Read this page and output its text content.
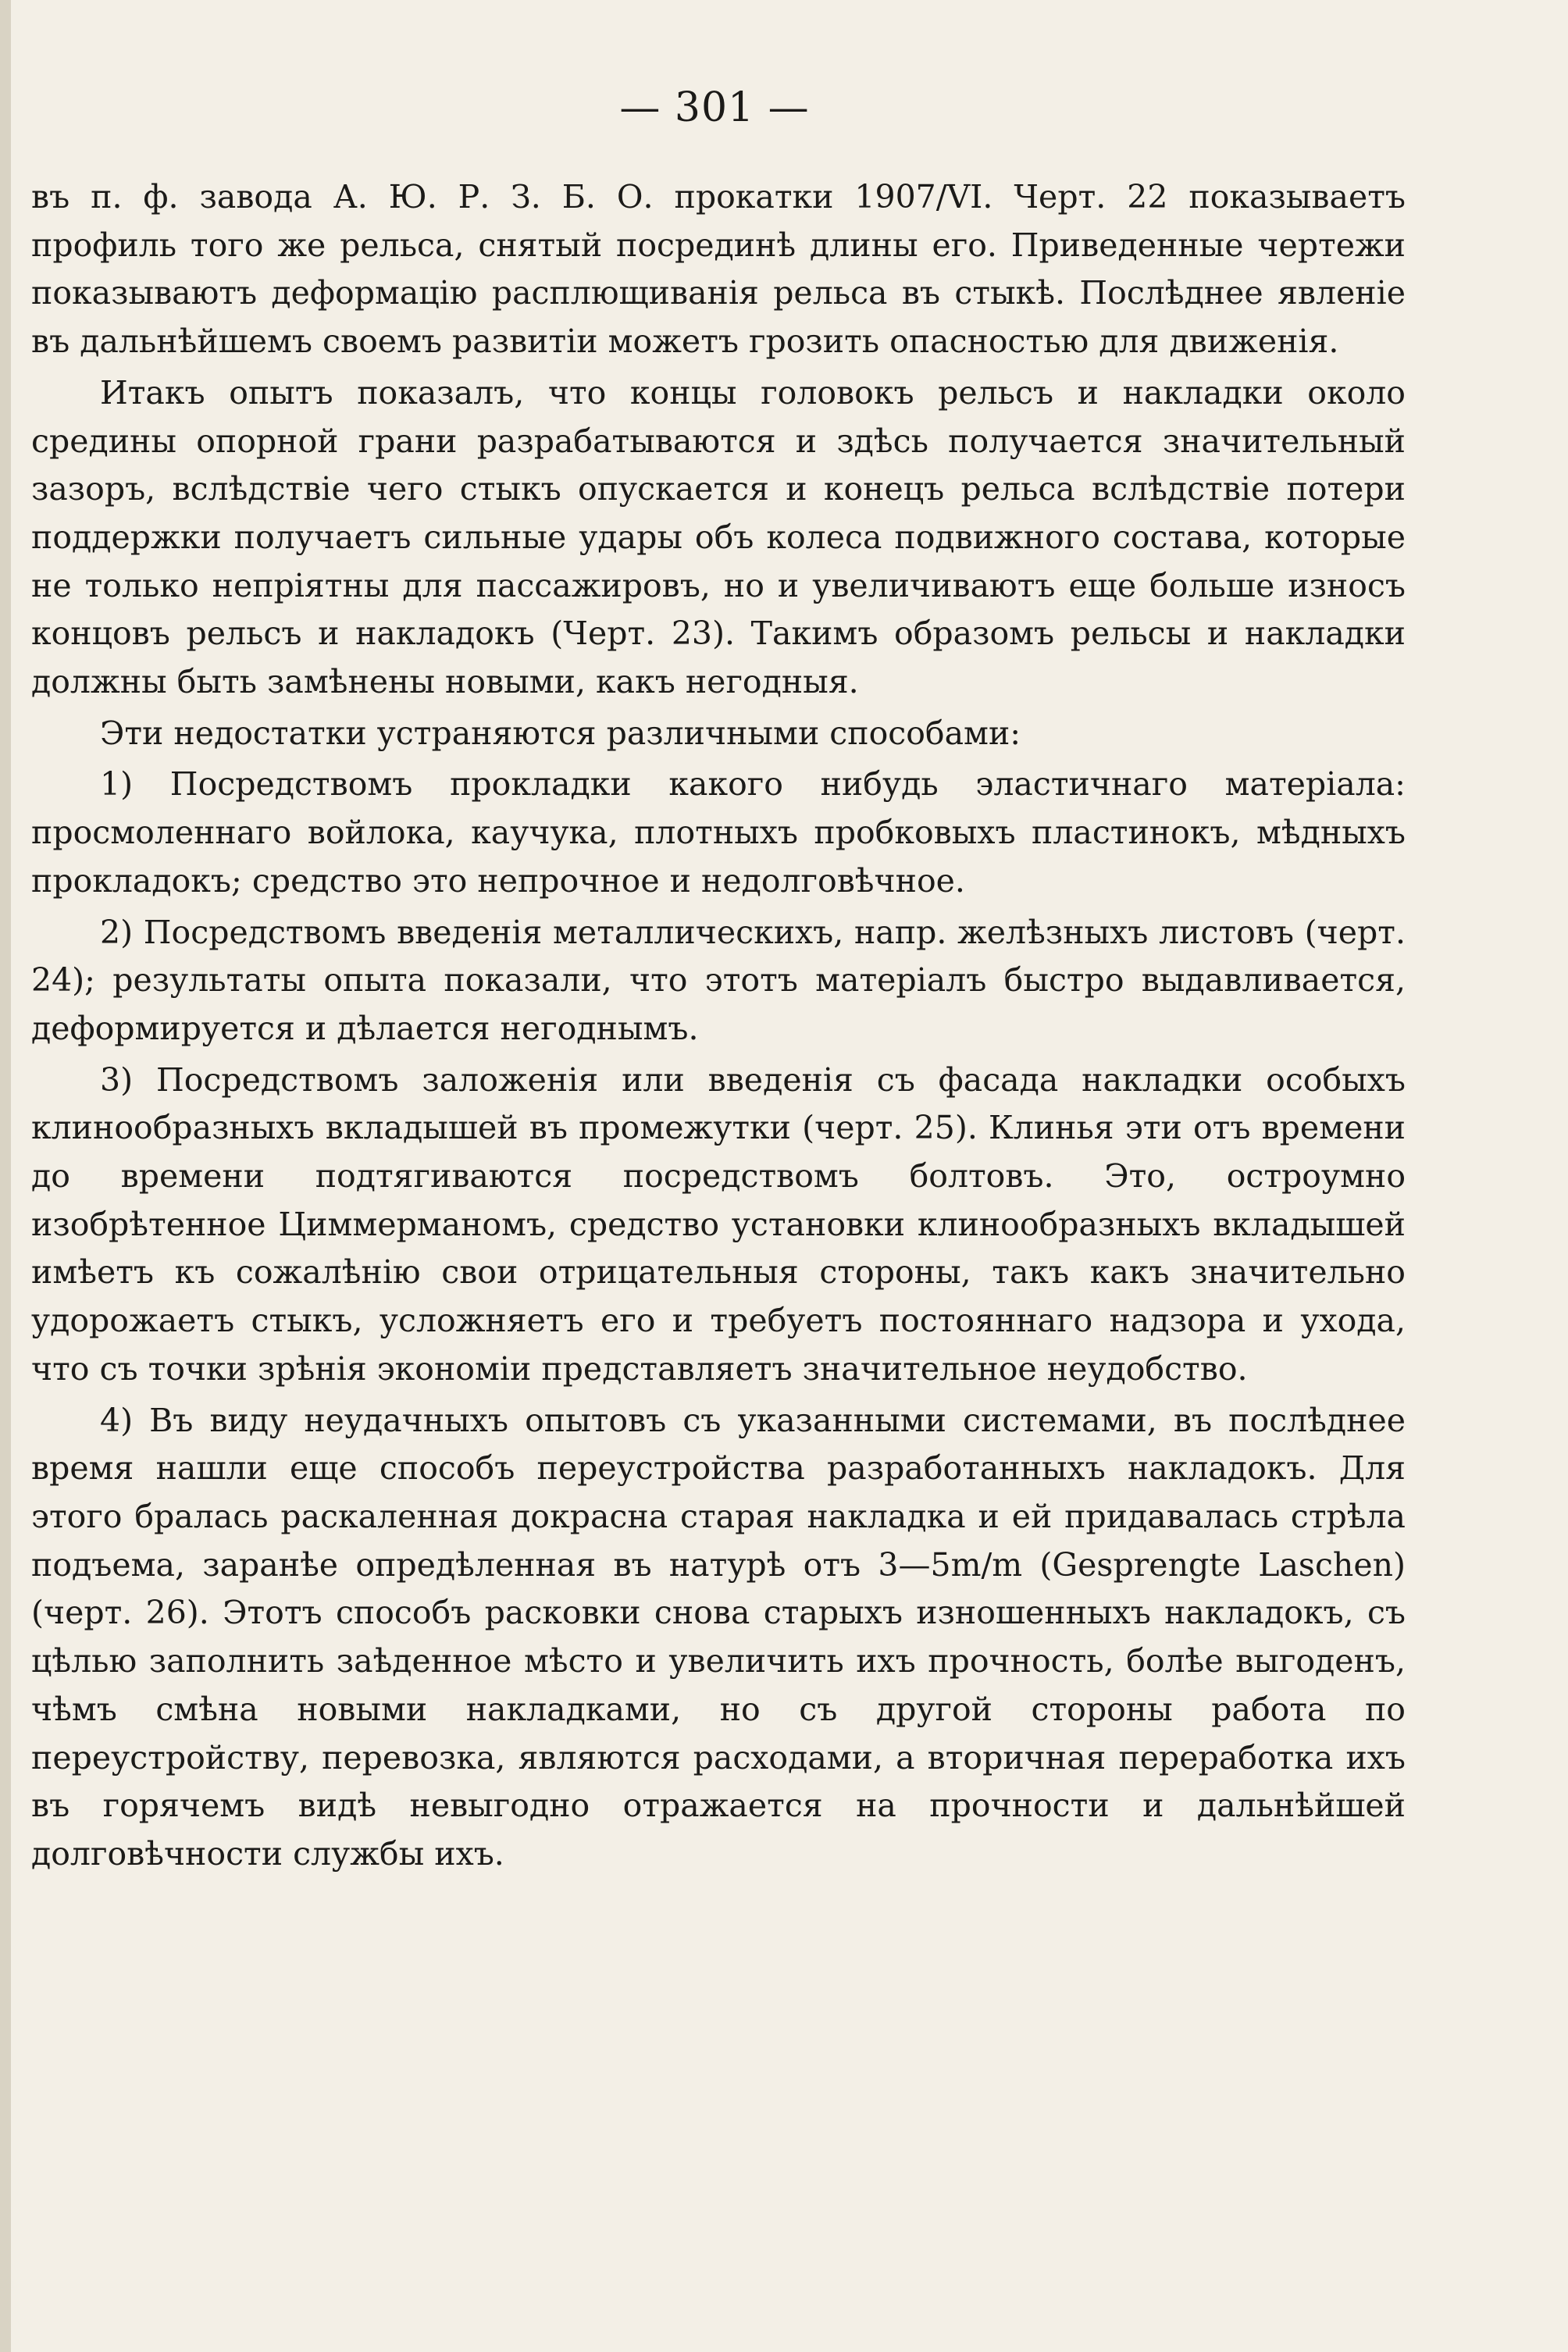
— 301 —

въ п. ф. завода А. Ю. Р. З. Б. О. прокатки 1907/VI. Черт. 22 показываетъ профиль того же рельса, снятый посрединѣ длины его. Приведенные чертежи показываютъ деформацію расплющиванія рельса въ стыкѣ. Послѣднее явленіе въ дальнѣйшемъ своемъ развитіи можетъ грозить опасностью для движенія.

Итакъ опытъ показалъ, что концы головокъ рельсъ и накладки около средины опорной грани разрабатываются и здѣсь получается значительный зазоръ, вслѣдствіе чего стыкъ опускается и конецъ рельса вслѣдствіе потери поддержки получаетъ сильные удары объ колеса подвижного состава, которые не только непріятны для пассажировъ, но и увеличиваютъ еще больше износъ концовъ рельсъ и накладокъ (Черт. 23). Такимъ образомъ рельсы и накладки должны быть замѣнены новыми, какъ негодныя.

Эти недостатки устраняются различными способами:

1) Посредствомъ прокладки какого нибудь эластичнаго матеріала: просмоленнаго войлока, каучука, плотныхъ пробковыхъ пластинокъ, мѣдныхъ прокладокъ; средство это непрочное и недолговѣчное.

2) Посредствомъ введенія металлическихъ, напр. желѣзныхъ листовъ (черт. 24); результаты опыта показали, что этотъ матеріалъ быстро выдавливается, деформируется и дѣлается негоднымъ.

3) Посредствомъ заложенія или введенія съ фасада накладки особыхъ клинообразныхъ вкладышей въ промежутки (черт. 25). Клинья эти отъ времени до времени подтягиваются посредствомъ болтовъ. Это, остроумно изобрѣтенное Циммерманомъ, средство установки клинообразныхъ вкладышей имѣетъ къ сожалѣнію свои отрицательныя стороны, такъ какъ значительно удорожаетъ стыкъ, усложняетъ его и требуетъ постояннаго надзора и ухода, что съ точки зрѣнія экономіи представляетъ значительное неудобство.

4) Въ виду неудачныхъ опытовъ съ указанными системами, въ послѣднее время нашли еще способъ переустройства разработанныхъ накладокъ. Для этого бралась раскаленная докрасна старая накладка и ей придавалась стрѣла подъема, заранѣе опредѣленная въ натурѣ отъ 3—5m/m (Gesprengte Laschen) (черт. 26). Этотъ способъ расковки снова старыхъ изношенныхъ накладокъ, съ цѣлью заполнить заѣденное мѣсто и увеличить ихъ прочность, болѣе выгоденъ, чѣмъ смѣна новыми накладками, но съ другой стороны работа по переустройству, перевозка, являются расходами, а вторичная переработка ихъ въ горячемъ видѣ невыгодно отражается на прочности и дальнѣйшей долговѣчности службы ихъ.
